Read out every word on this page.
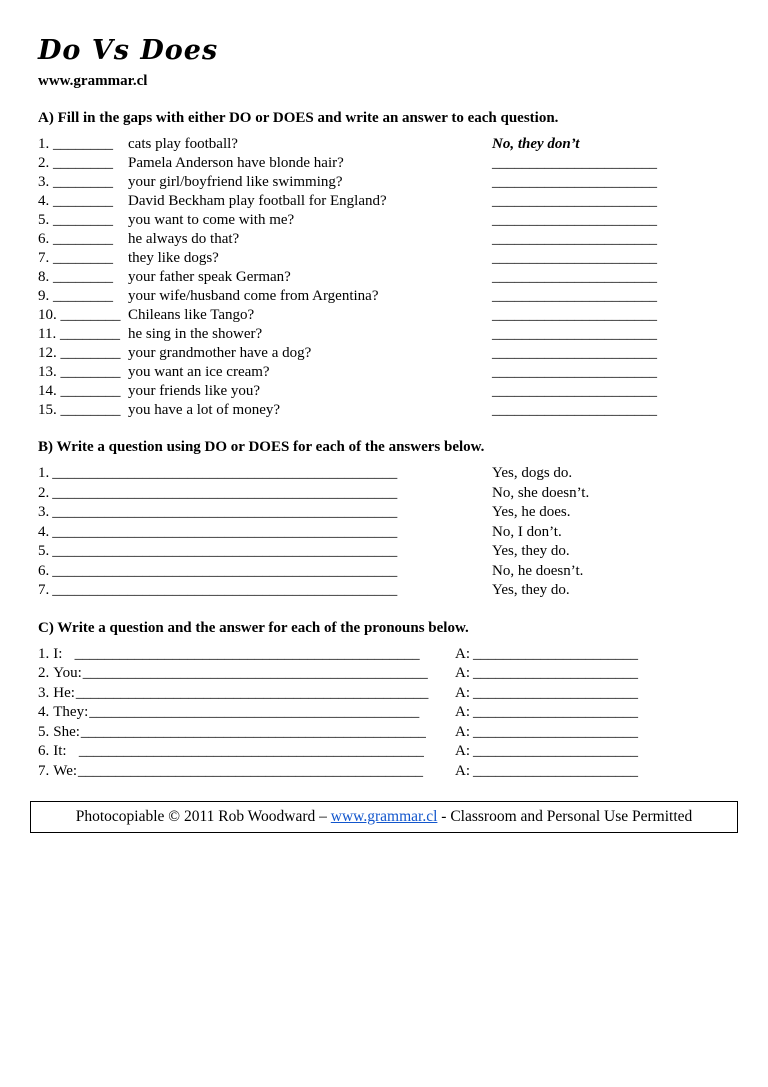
Do Vs Does
www.grammar.cl
A) Fill in the gaps with either DO or DOES and write an answer to each question.
1. ________	cats play football?	No, they don’t
2. ________	Pamela Anderson have blonde hair?	______________________
3. ________	your girl/boyfriend like swimming?	______________________
4. ________	David Beckham play football for England?	______________________
5. ________	you want to come with me?	______________________
6. ________	he always do that?	______________________
7. ________	they like dogs?	______________________
8. ________	your father speak German?	______________________
9. ________	your wife/husband come from Argentina?	______________________
10. ________ Chileans like Tango?	______________________
11. ________ he sing in the shower?	______________________
12. ________ your grandmother have a dog?	______________________
13. ________ you want an ice cream?	______________________
14. ________ your friends like you?	______________________
15. ________ you have a lot of money?	______________________
B) Write a question using DO or DOES for each of the answers below.
1. ______________________________________________	Yes, dogs do.
2. ______________________________________________	No, she doesn’t.
3. ______________________________________________	Yes, he does.
4. ______________________________________________	No, I don’t.
5. ______________________________________________	Yes, they do.
6. ______________________________________________	No, he doesn’t.
7. ______________________________________________	Yes, they do.
C) Write a question and the answer for each of the pronouns below.
1. I:   ______________________________________________	A: ______________________
2. You:______________________________________________	A: ______________________
3. He:_______________________________________________	A: ______________________
4. They:____________________________________________	A: ______________________
5. She:______________________________________________	A: ______________________
6. It:   ______________________________________________	A: ______________________
7. We:______________________________________________	A: ______________________
Photocopiable © 2011 Rob Woodward – www.grammar.cl - Classroom and Personal Use Permitted
